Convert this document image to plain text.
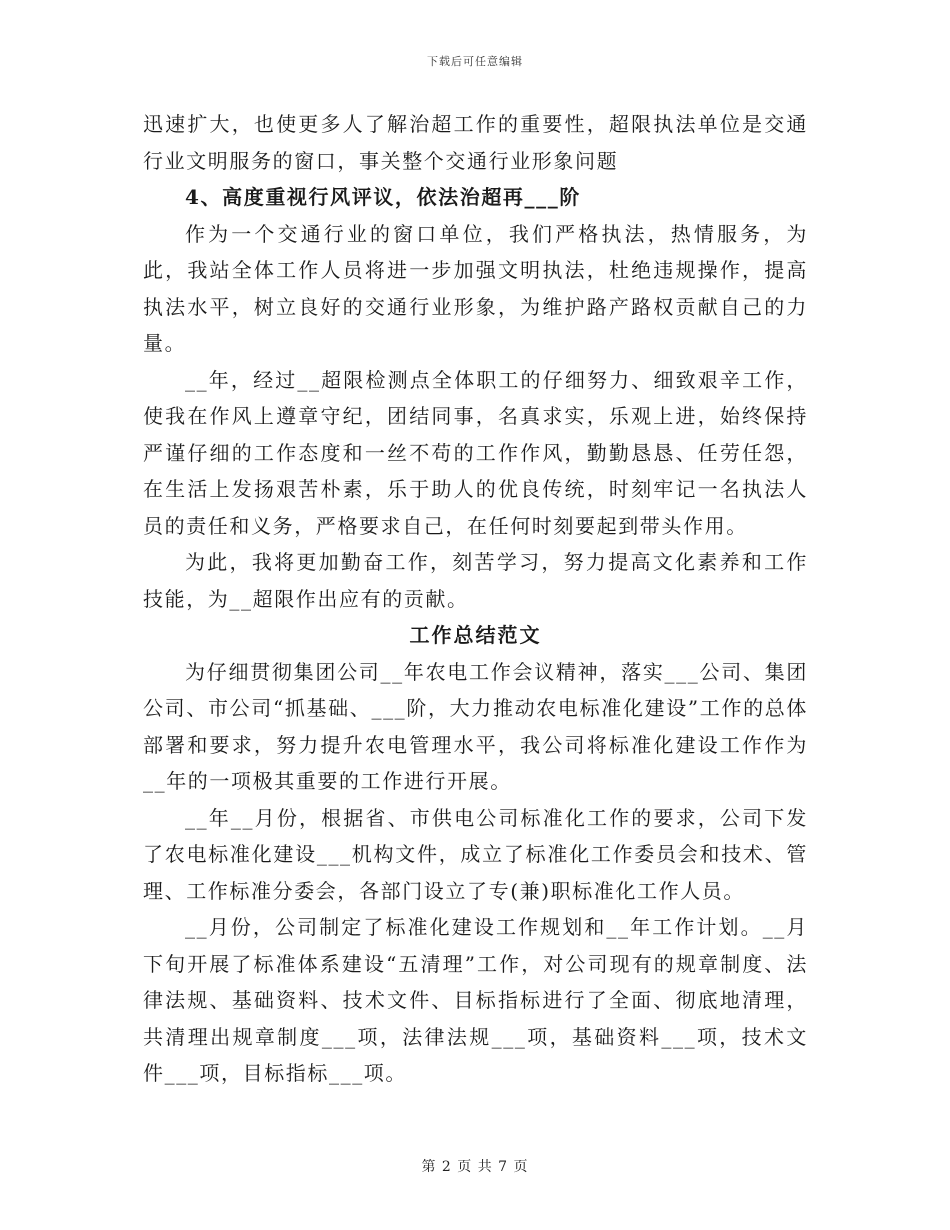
下载后可任意编辑

迅速扩大，也使更多人了解治超工作的重要性，超限执法单位是交通行业文明服务的窗口，事关整个交通行业形象问题

4、高度重视行风评议，依法治超再___阶

作为一个交通行业的窗口单位，我们严格执法，热情服务，为此，我站全体工作人员将进一步加强文明执法，杜绝违规操作，提高执法水平，树立良好的交通行业形象，为维护路产路权贡献自己的力量。

__年，经过__超限检测点全体职工的仔细努力、细致艰辛工作，使我在作风上遵章守纪，团结同事，名真求实，乐观上进，始终保持严谨仔细的工作态度和一丝不苟的工作作风，勤勤恳恳、任劳任怨，在生活上发扬艰苦朴素，乐于助人的优良传统，时刻牢记一名执法人员的责任和义务，严格要求自己，在任何时刻要起到带头作用。

为此，我将更加勤奋工作，刻苦学习，努力提高文化素养和工作技能，为__超限作出应有的贡献。

工作总结范文

为仔细贯彻集团公司__年农电工作会议精神，落实___公司、集团公司、市公司“抓基础、___阶，大力推动农电标准化建设”工作的总体部署和要求，努力提升农电管理水平，我公司将标准化建设工作作为__年的一项极其重要的工作进行开展。

__年__月份，根据省、市供电公司标准化工作的要求，公司下发了农电标准化建设___机构文件，成立了标准化工作委员会和技术、管理、工作标准分委会，各部门设立了专(兼)职标准化工作人员。

__月份，公司制定了标准化建设工作规划和__年工作计划。__月下旬开展了标准体系建设“五清理”工作，对公司现有的规章制度、法律法规、基础资料、技术文件、目标指标进行了全面、彻底地清理，共清理出规章制度___项，法律法规___项，基础资料___项，技术文件___项，目标指标___项。

第 2 页 共 7 页
